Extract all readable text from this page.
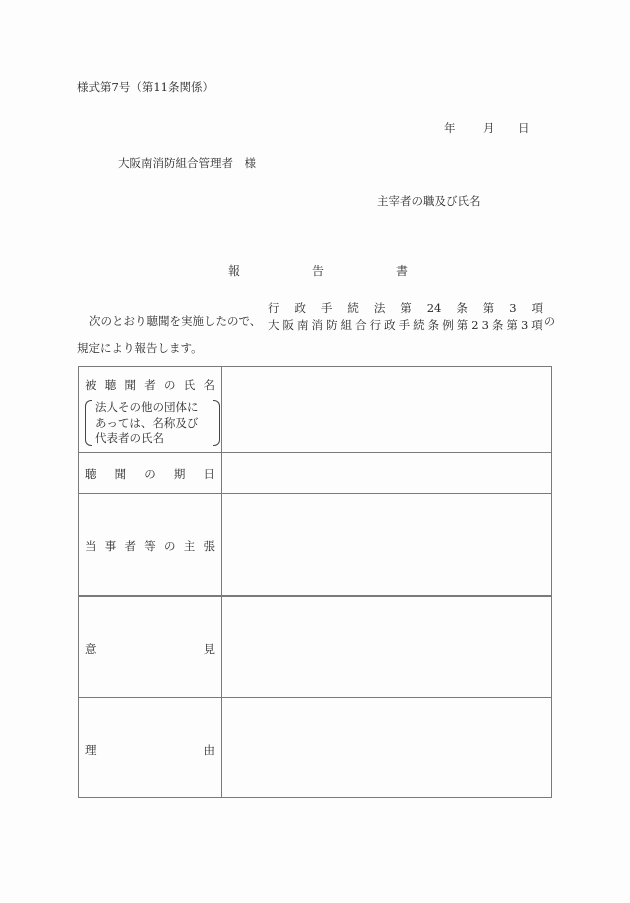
様式第7号（第11条関係）
年	月	日
大阪南消防組合管理者　様
主宰者の職及び氏名
報	告	書
次のとおり聴聞を実施したので、
行 政 手 続 法 第 24 条 第 3 項
大 阪 南 消 防 組 合 行 政 手 続 条 例 第 2 3 条 第 3 項 の
規定により報告します。
被 聴 聞 者 の 氏 名
法人その他の団体に
あっては、名称及び
代表者の氏名
聴 聞 の 期 日
当 事 者 等 の 主 張
意	見
理	由
